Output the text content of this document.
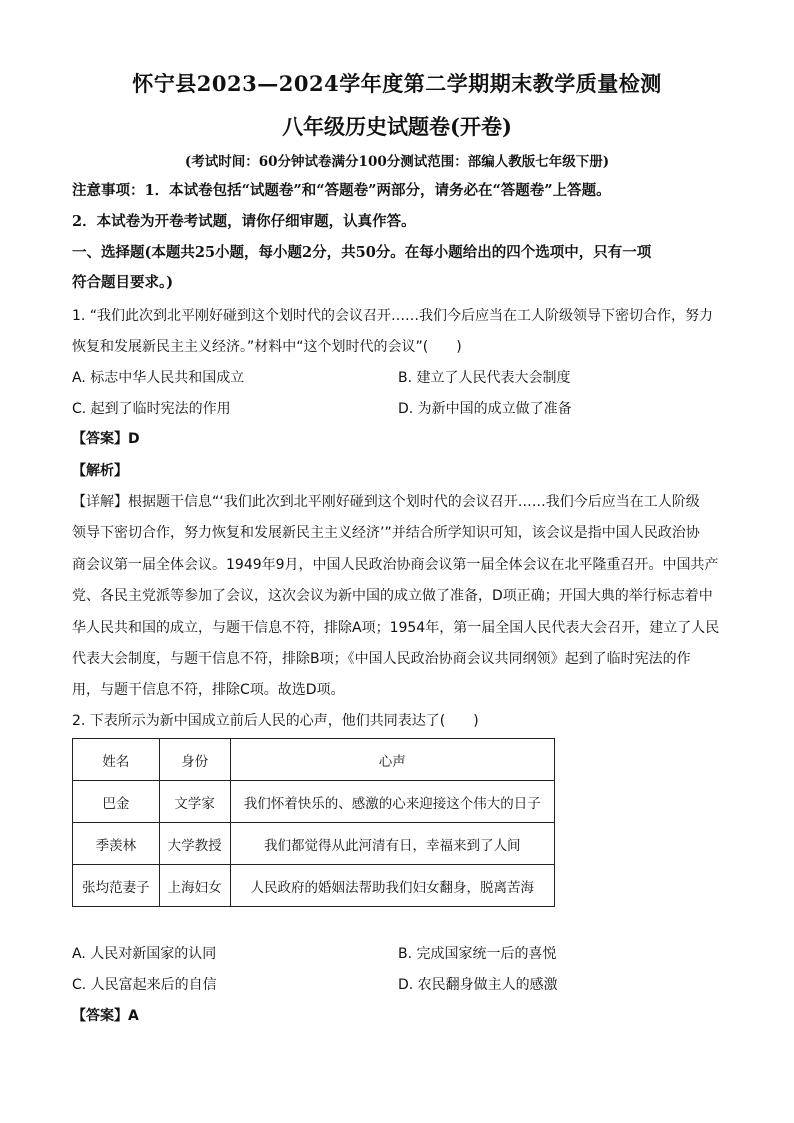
怀宁县2023—2024学年度第二学期期末教学质量检测
八年级历史试题卷(开卷)
(考试时间：60分钟试卷满分100分测试范围：部编人教版七年级下册)
注意事项：1．本试卷包括“试题卷”和“答题卷”两部分，请务必在“答题卷”上答题。
2．本试卷为开卷考试题，请你仔细审题，认真作答。
一、选择题(本题共25小题，每小题2分，共50分。在每小题给出的四个选项中，只有一项
符合题目要求。)
1. “我们此次到北平刚好碰到这个划时代的会议召开……我们今后应当在工人阶级领导下密切合作，努力
恢复和发展新民主主义经济。”材料中“这个划时代的会议”(　　)
A. 标志中华人民共和国成立	B. 建立了人民代表大会制度
C. 起到了临时宪法的作用	D. 为新中国的成立做了准备
【答案】D
【解析】
【详解】根据题干信息“‘我们此次到北平刚好碰到这个划时代的会议召开……我们今后应当在工人阶级
领导下密切合作，努力恢复和发展新民主主义经济’”并结合所学知识可知，该会议是指中国人民政治协
商会议第一届全体会议。1949年9月，中国人民政治协商会议第一届全体会议在北平隆重召开。中国共产
党、各民主党派等参加了会议，这次会议为新中国的成立做了准备，D项正确；开国大典的举行标志着中
华人民共和国的成立，与题干信息不符，排除A项；1954年，第一届全国人民代表大会召开，建立了人民
代表大会制度，与题干信息不符，排除B项；《中国人民政治协商会议共同纲领》起到了临时宪法的作
用，与题干信息不符，排除C项。故选D项。
2. 下表所示为新中国成立前后人民的心声，他们共同表达了(　　)
姓名	身份	心声
巴金	文学家	我们怀着快乐的、感激的心来迎接这个伟大的日子
季羡林	大学教授	我们都觉得从此河清有日，幸福来到了人间
张均范妻子	上海妇女	人民政府的婚姻法帮助我们妇女翻身，脱离苦海
A. 人民对新国家的认同	B. 完成国家统一后的喜悦
C. 人民富起来后的自信	D. 农民翻身做主人的感激
【答案】A
